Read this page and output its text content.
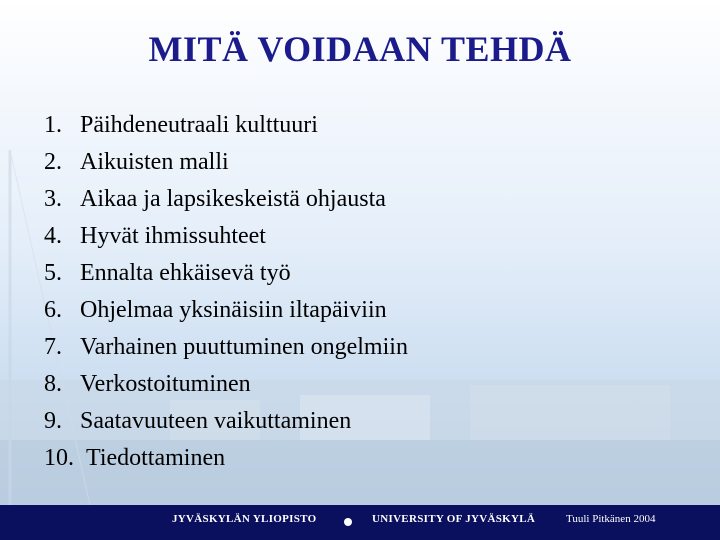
MITÄ VOIDAAN TEHDÄ
1. Päihdeneutraali kulttuuri
2. Aikuisten malli
3. Aikaa ja lapsikeskeistä ohjausta
4. Hyvät ihmissuhteet
5. Ennalta ehkäisevä työ
6. Ohjelmaa yksinäisiin iltapäiviin
7. Varhainen puuttuminen ongelmiin
8. Verkostoituminen
9. Saatavuuteen vaikuttaminen
10. Tiedottaminen
JYVÄSKYLÄN YLIOPISTO	UNIVERSITY OF JYVÄSKYLÄ	Tuuli Pitkänen 2004
